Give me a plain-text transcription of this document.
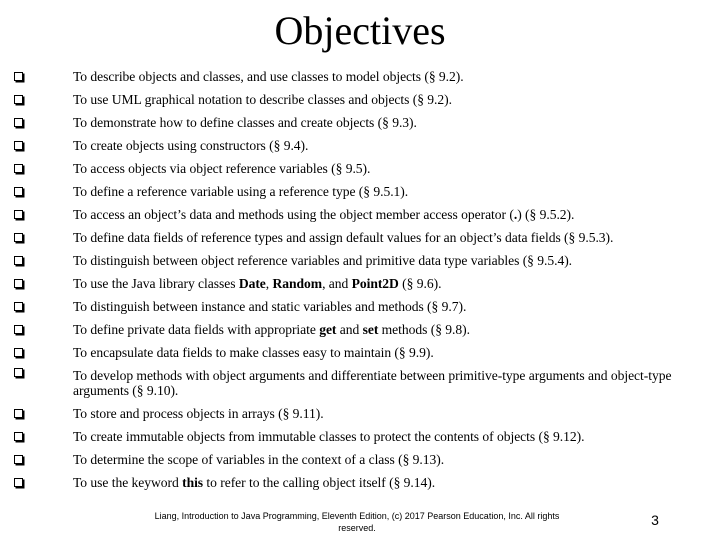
Objectives
To describe objects and classes, and use classes to model objects (§ 9.2).
To use UML graphical notation to describe classes and objects (§ 9.2).
To demonstrate how to define classes and create objects (§ 9.3).
To create objects using constructors (§ 9.4).
To access objects via object reference variables (§ 9.5).
To define a reference variable using a reference type (§ 9.5.1).
To access an object’s data and methods using the object member access operator (.) (§ 9.5.2).
To define data fields of reference types and assign default values for an object’s data fields (§ 9.5.3).
To distinguish between object reference variables and primitive data type variables (§ 9.5.4).
To use the Java library classes Date, Random, and Point2D (§ 9.6).
To distinguish between instance and static variables and methods (§ 9.7).
To define private data fields with appropriate get and set methods (§ 9.8).
To encapsulate data fields to make classes easy to maintain (§ 9.9).
To develop methods with object arguments and differentiate between primitive-type arguments and object-type arguments (§ 9.10).
To store and process objects in arrays (§ 9.11).
To create immutable objects from immutable classes to protect the contents of objects (§ 9.12).
To determine the scope of variables in the context of a class (§ 9.13).
To use the keyword this to refer to the calling object itself (§ 9.14).
Liang, Introduction to Java Programming, Eleventh Edition, (c) 2017 Pearson Education, Inc. All rights reserved.	3
